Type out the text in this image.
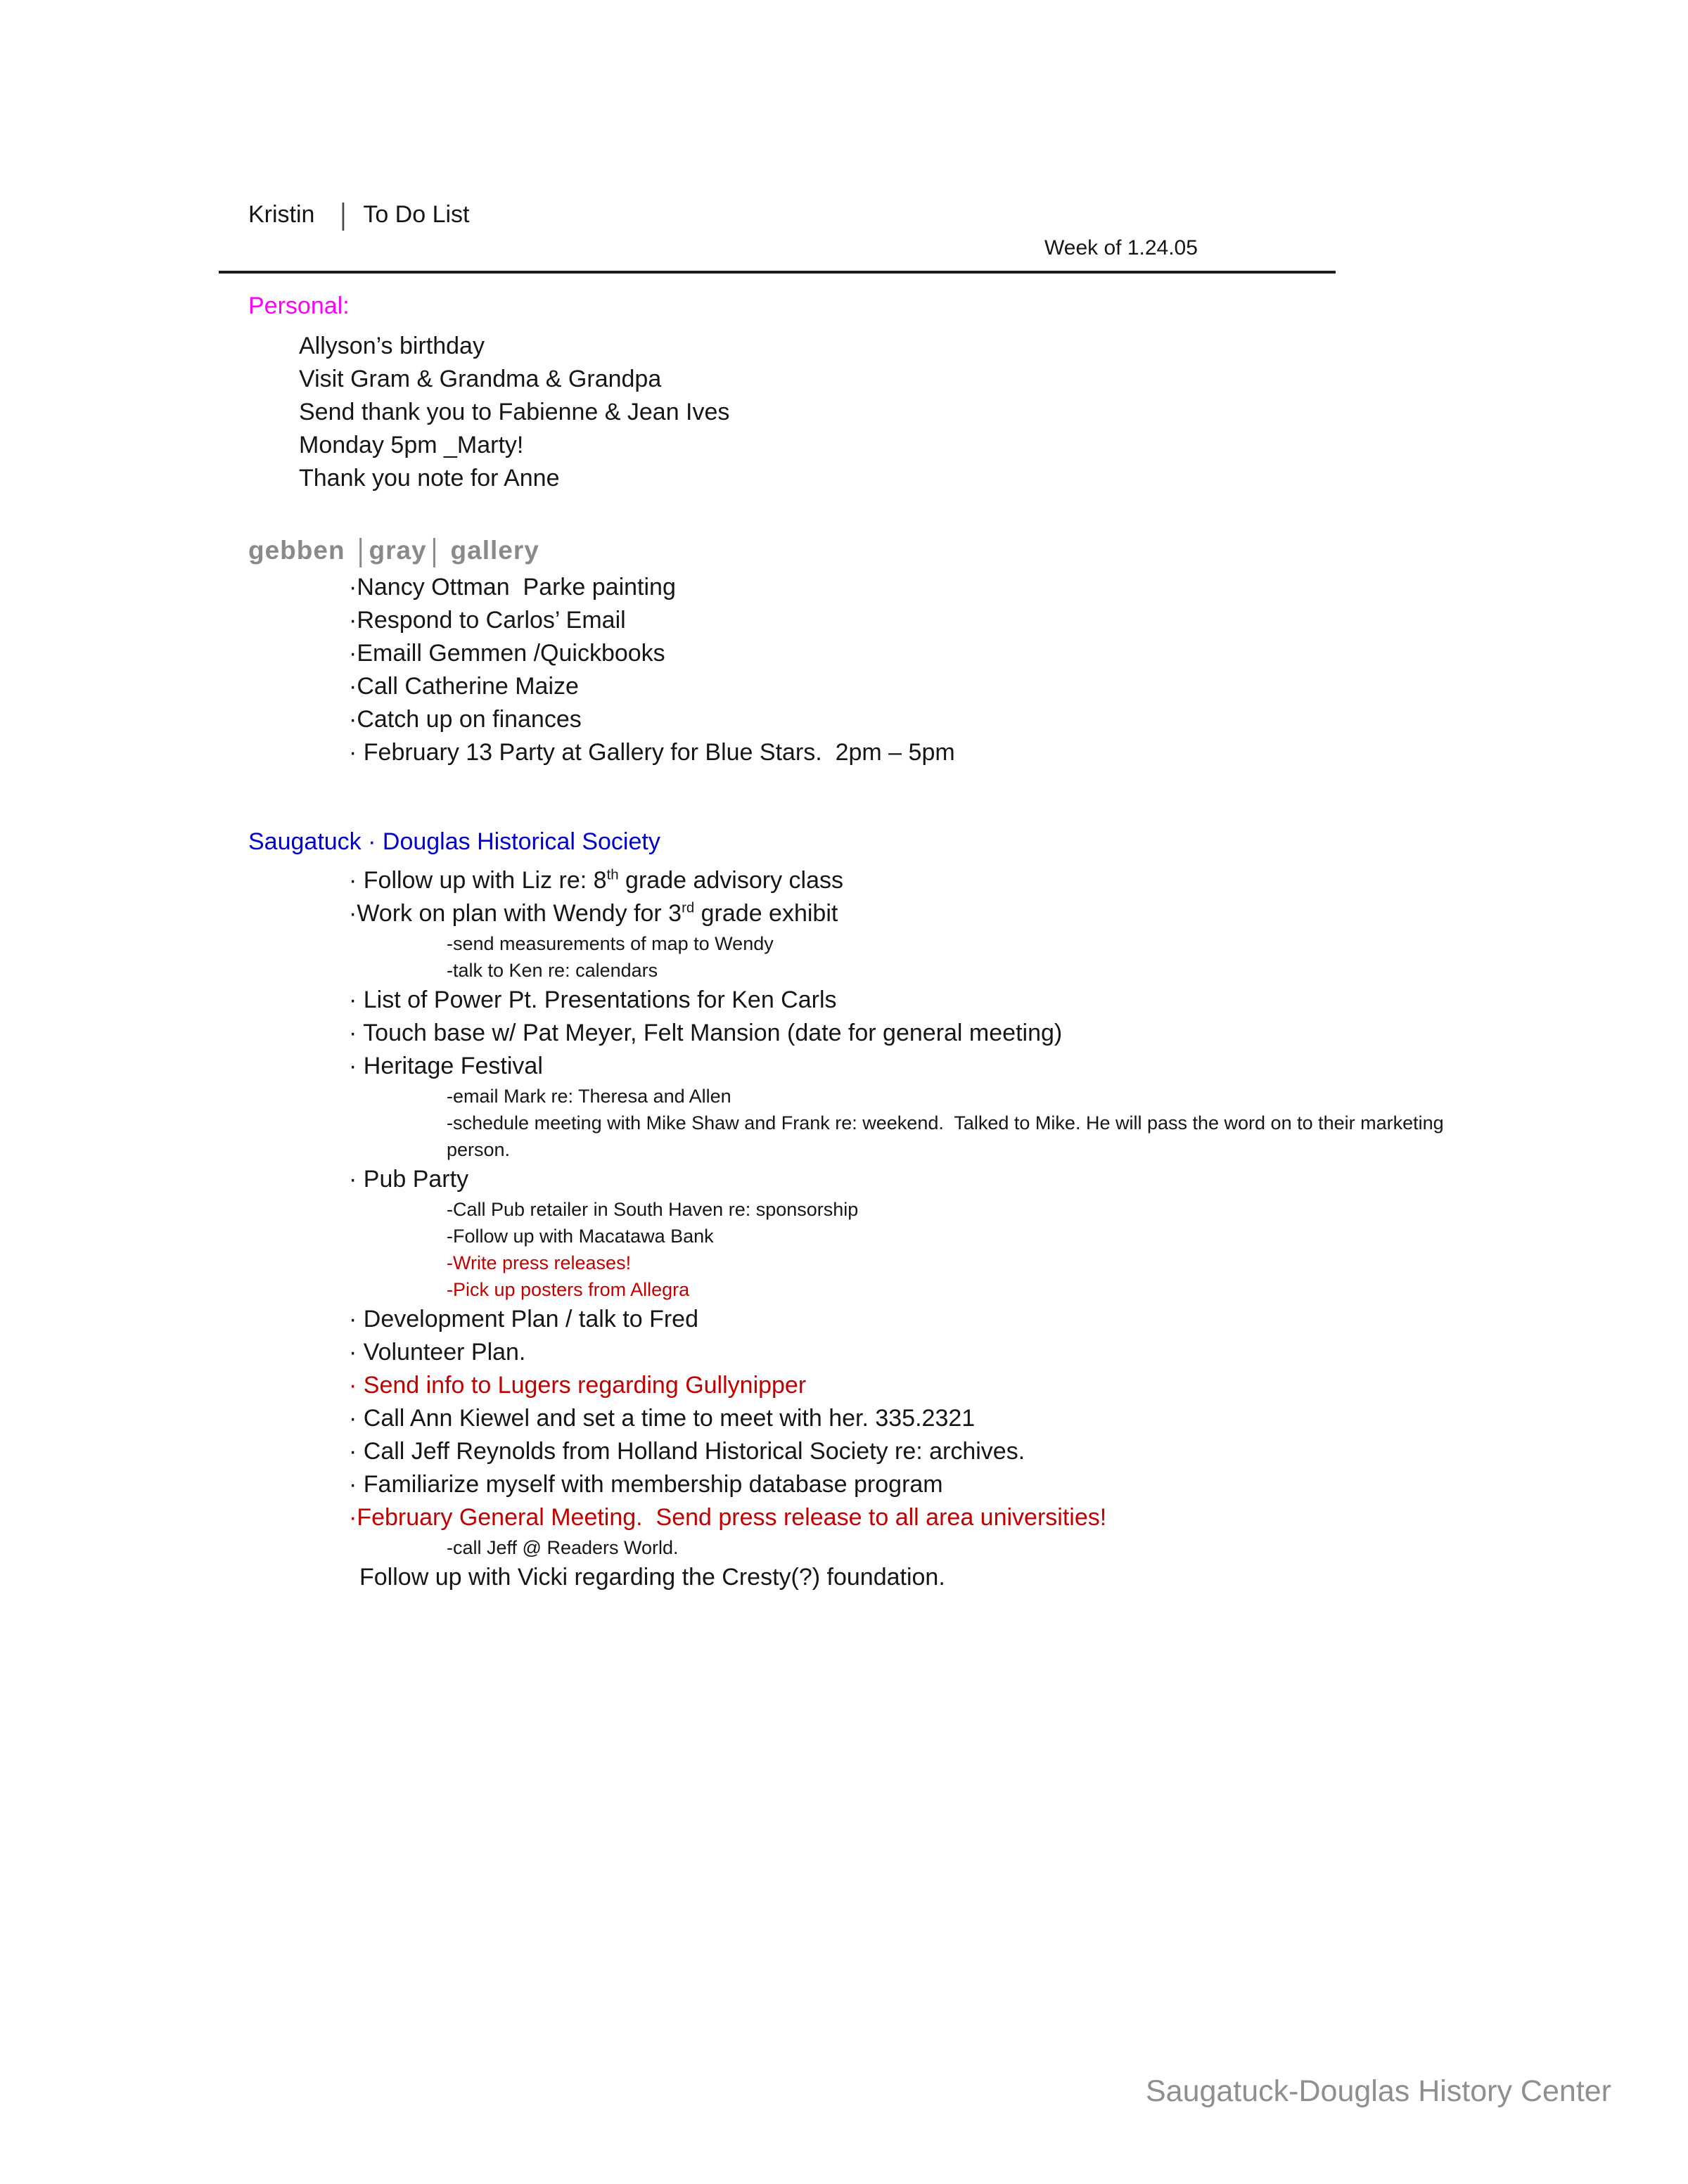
Kristin | To Do List
Week of 1.24.05
Personal:
Allyson’s birthday
Visit Gram & Grandma & Grandpa
Send thank you to Fabienne & Jean Ives
Monday 5pm _Marty!
Thank you note for Anne
gebben | gray | gallery
·Nancy Ottman  Parke painting
·Respond to Carlos’ Email
·Emaill Gemmen /Quickbooks
·Call Catherine Maize
·Catch up on finances
· February 13 Party at Gallery for Blue Stars.  2pm – 5pm
Saugatuck · Douglas Historical Society
· Follow up with Liz re: 8th grade advisory class
·Work on plan with Wendy for 3rd grade exhibit
-send measurements of map to Wendy
-talk to Ken re: calendars
· List of Power Pt. Presentations for Ken Carls
· Touch base w/ Pat Meyer, Felt Mansion (date for general meeting)
· Heritage Festival
-email Mark re: Theresa and Allen
-schedule meeting with Mike Shaw and Frank re: weekend.  Talked to Mike. He will pass the word on to their marketing person.
· Pub Party
-Call Pub retailer in South Haven re: sponsorship
-Follow up with Macatawa Bank
-Write press releases!
-Pick up posters from Allegra
· Development Plan / talk to Fred
· Volunteer Plan.
· Send info to Lugers regarding Gullynipper
· Call Ann Kiewel and set a time to meet with her. 335.2321
· Call Jeff Reynolds from Holland Historical Society re: archives.
· Familiarize myself with membership database program
·February General Meeting.  Send press release to all area universities!
-call Jeff @ Readers World.
Follow up with Vicki regarding the Cresty(?) foundation.
Saugatuck-Douglas History Center
